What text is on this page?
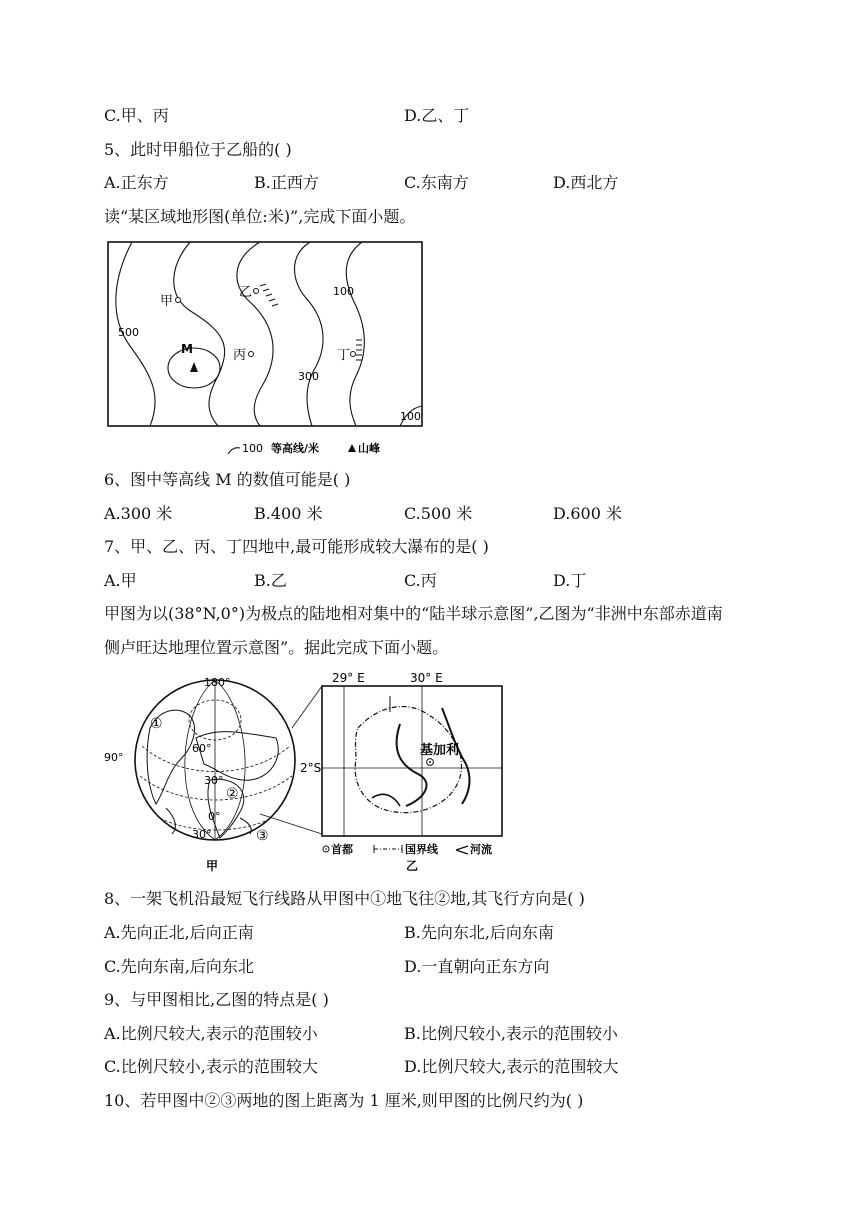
C.甲、丙	D.乙、丁
5、此时甲船位于乙船的( )
A.正东方	B.正西方	C.东南方	D.西北方
读“某区域地形图(单位:米)”,完成下面小题。
甲
乙
丙	丁
M
500
300
100
100
100 等高线/米	山峰
6、图中等高线 M 的数值可能是( )
A.300 米	B.400 米	C.500 米	D.600 米
7、甲、乙、丙、丁四地中,最可能形成较大瀑布的是( )
A.甲	B.乙	C.丙	D.丁
甲图为以(38°N,0°)为极点的陆地相对集中的“陆半球示意图”,乙图为“非洲中东部赤道南
侧卢旺达地理位置示意图”。据此完成下面小题。
180°
90°
60°
30°
0°
30°
①
②
③
甲
基加利
29° E	30° E
2°S
乙
首都	国界线	河流
8、一架飞机沿最短飞行线路从甲图中①地飞往②地,其飞行方向是( )
A.先向正北,后向正南	B.先向东北,后向东南
C.先向东南,后向东北	D.一直朝向正东方向
9、与甲图相比,乙图的特点是( )
A.比例尺较大,表示的范围较小	B.比例尺较小,表示的范围较小
C.比例尺较小,表示的范围较大	D.比例尺较大,表示的范围较大
10、若甲图中②③两地的图上距离为 1 厘米,则甲图的比例尺约为( )
